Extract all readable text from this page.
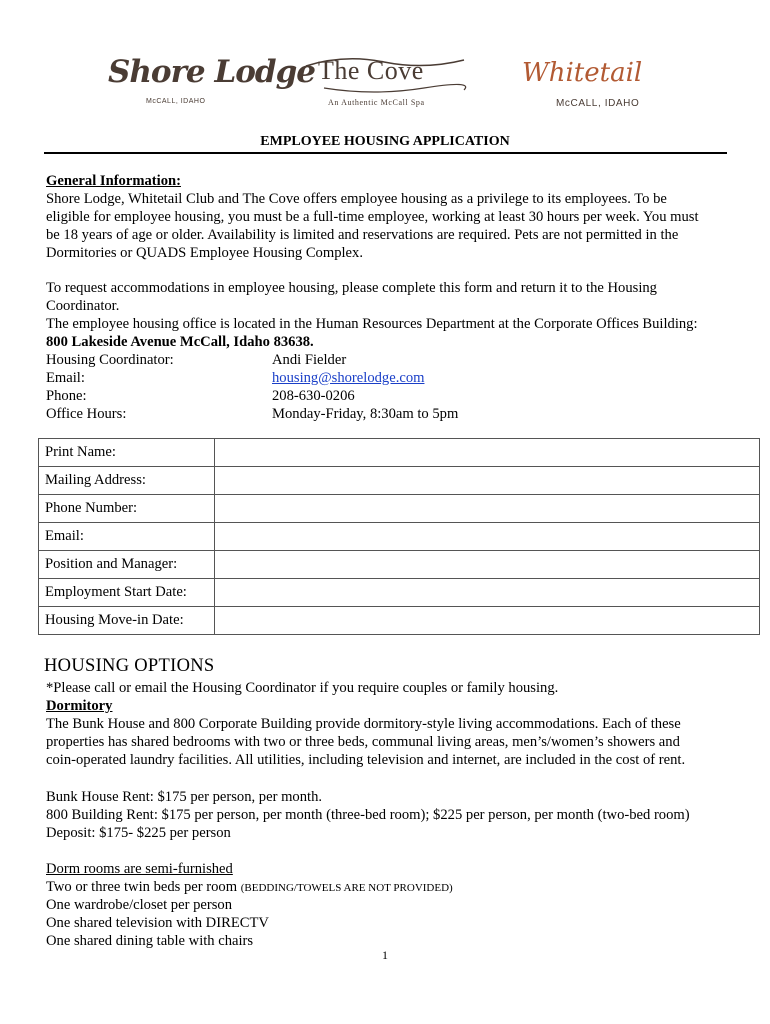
Shore Lodge
McCALL, IDAHO
The Cove
An Authentic McCall Spa
Whitetail
McCALL, IDAHO
EMPLOYEE HOUSING APPLICATION
General Information:
Shore Lodge, Whitetail Club and The Cove offers employee housing as a privilege to its employees. To be
eligible for employee housing, you must be a full-time employee, working at least 30 hours per week. You must
be 18 years of age or older. Availability is limited and reservations are required. Pets are not permitted in the
Dormitories or QUADS Employee Housing Complex.
To request accommodations in employee housing, please complete this form and return it to the Housing
Coordinator.
The employee housing office is located in the Human Resources Department at the Corporate Offices Building:
800 Lakeside Avenue McCall, Idaho 83638.
Housing Coordinator:	Andi Fielder
Email:	housing@shorelodge.com
Phone:	208-630-0206
Office Hours:	Monday-Friday, 8:30am to 5pm
Print Name:	
Mailing Address:	
Phone Number:	
Email:	
Position and Manager:	
Employment Start Date:	
Housing Move-in Date:	
HOUSING OPTIONS
*Please call or email the Housing Coordinator if you require couples or family housing.
Dormitory
The Bunk House and 800 Corporate Building provide dormitory-style living accommodations. Each of these
properties has shared bedrooms with two or three beds, communal living areas, men’s/women’s showers and
coin-operated laundry facilities. All utilities, including television and internet, are included in the cost of rent.
Bunk House Rent: $175 per person, per month.
800 Building Rent: $175 per person, per month (three-bed room); $225 per person, per month (two-bed room)
Deposit: $175- $225 per person
Dorm rooms are semi-furnished
Two or three twin beds per room (BEDDING/TOWELS ARE NOT PROVIDED)
One wardrobe/closet per person
One shared television with DIRECTV
One shared dining table with chairs
1
